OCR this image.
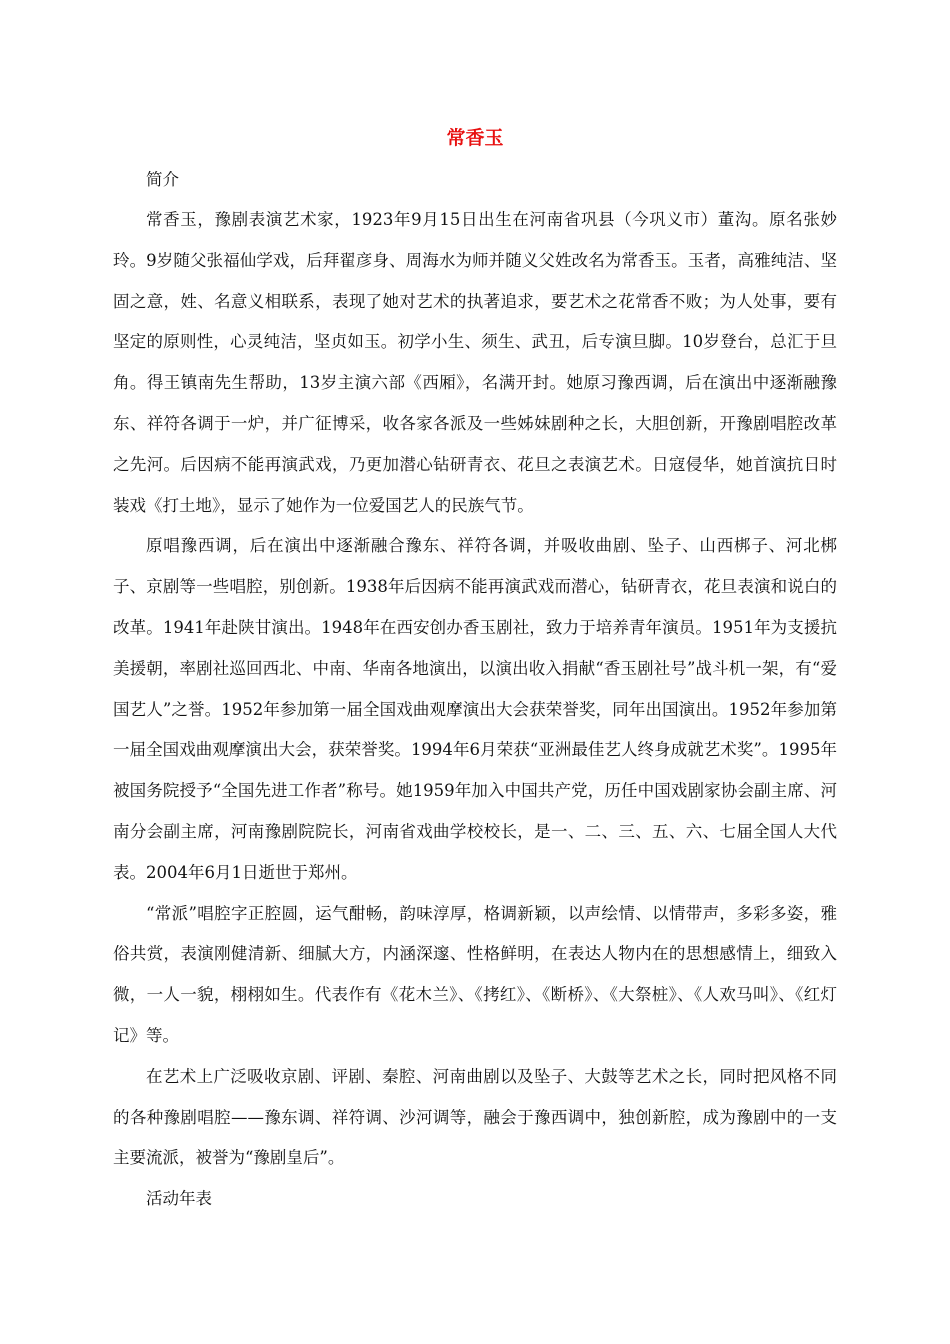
常香玉

简介

常香玉，豫剧表演艺术家，1923年9月15日出生在河南省巩县（今巩义市）董沟。原名张妙玲。9岁随父张福仙学戏，后拜翟彦身、周海水为师并随义父姓改名为常香玉。玉者，高雅纯洁、坚固之意，姓、名意义相联系，表现了她对艺术的执著追求，要艺术之花常香不败；为人处事，要有坚定的原则性，心灵纯洁，坚贞如玉。初学小生、须生、武丑，后专演旦脚。10岁登台，总汇于旦角。得王镇南先生帮助，13岁主演六部《西厢》，名满开封。她原习豫西调，后在演出中逐渐融豫东、祥符各调于一炉，并广征博采，收各家各派及一些姊妹剧种之长，大胆创新，开豫剧唱腔改革之先河。后因病不能再演武戏，乃更加潜心钻研青衣、花旦之表演艺术。日寇侵华，她首演抗日时装戏《打土地》，显示了她作为一位爱国艺人的民族气节。

原唱豫西调，后在演出中逐渐融合豫东、祥符各调，并吸收曲剧、坠子、山西梆子、河北梆子、京剧等一些唱腔，别创新。1938年后因病不能再演武戏而潜心，钻研青衣，花旦表演和说白的改革。1941年赴陕甘演出。1948年在西安创办香玉剧社，致力于培养青年演员。1951年为支援抗美援朝，率剧社巡回西北、中南、华南各地演出，以演出收入捐献“香玉剧社号”战斗机一架，有“爱国艺人”之誉。1952年参加第一届全国戏曲观摩演出大会获荣誉奖，同年出国演出。1952年参加第一届全国戏曲观摩演出大会，获荣誉奖。1994年6月荣获“亚洲最佳艺人终身成就艺术奖”。1995年被国务院授予“全国先进工作者”称号。她1959年加入中国共产党，历任中国戏剧家协会副主席、河南分会副主席，河南豫剧院院长，河南省戏曲学校校长，是一、二、三、五、六、七届全国人大代表。2004年6月1日逝世于郑州。

“常派”唱腔字正腔圆，运气酣畅，韵味淳厚，格调新颖，以声绘情、以情带声，多彩多姿，雅俗共赏，表演刚健清新、细腻大方，内涵深邃、性格鲜明，在表达人物内在的思想感情上，细致入微，一人一貌，栩栩如生。代表作有《花木兰》、《拷红》、《断桥》、《大祭桩》、《人欢马叫》、《红灯记》等。

在艺术上广泛吸收京剧、评剧、秦腔、河南曲剧以及坠子、大鼓等艺术之长，同时把风格不同的各种豫剧唱腔——豫东调、祥符调、沙河调等，融会于豫西调中，独创新腔，成为豫剧中的一支主要流派，被誉为“豫剧皇后”。

活动年表
